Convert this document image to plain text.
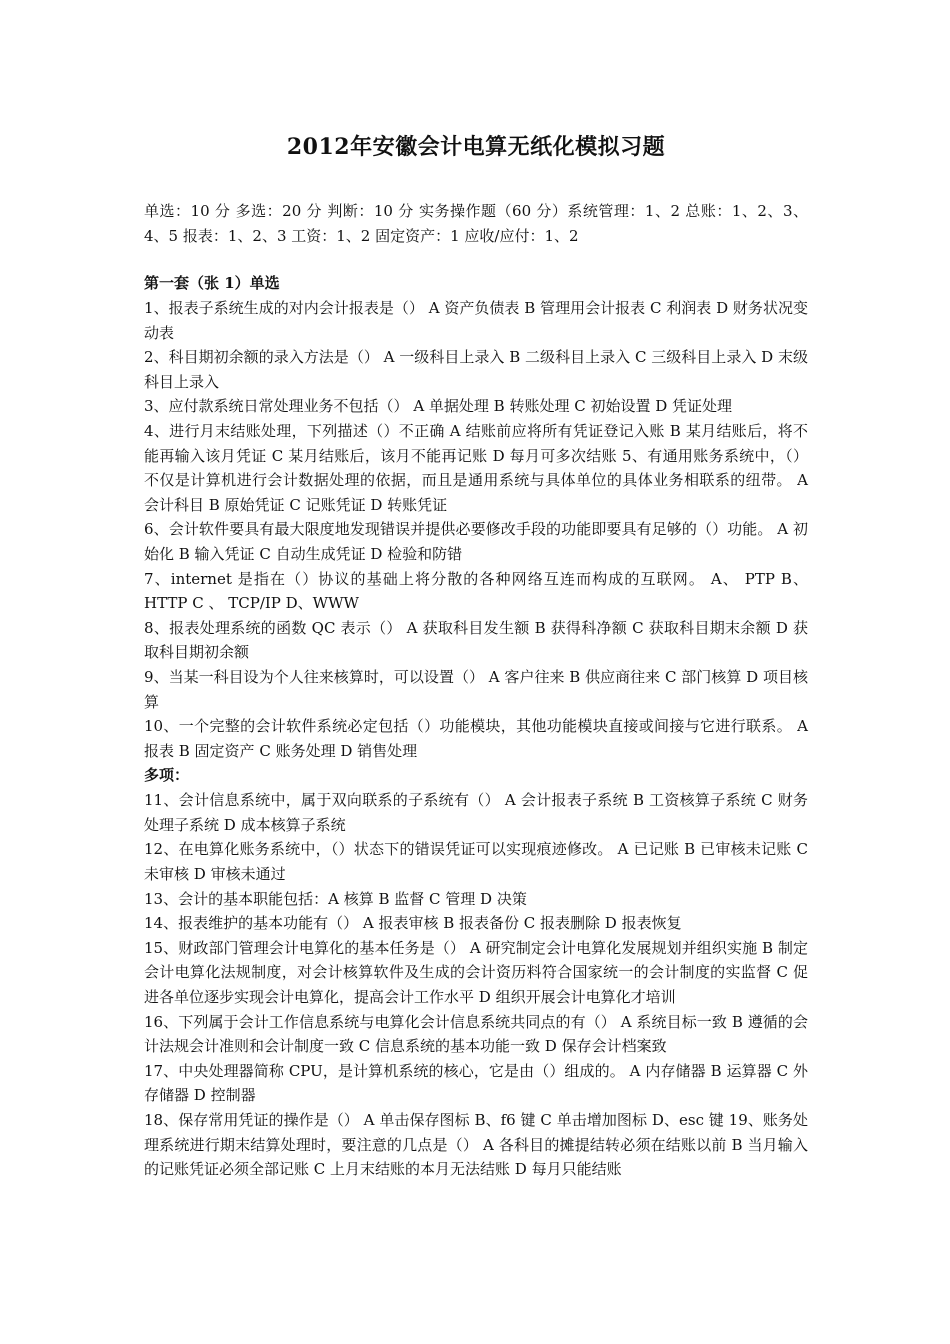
2012年安徽会计电算无纸化模拟习题

单选：10 分 多选：20 分 判断：10 分 实务操作题（60 分）系统管理：1、2 总账：1、2、3、4、5 报表：1、2、3 工资：1、2 固定资产：1 应收/应付：1、2

第一套（张 1）单选

1、报表子系统生成的对内会计报表是（） A 资产负债表 B 管理用会计报表 C 利润表 D 财务状况变动表

2、科目期初余额的录入方法是（） A 一级科目上录入 B 二级科目上录入 C 三级科目上录入 D 末级科目上录入

3、应付款系统日常处理业务不包括（） A 单据处理 B 转账处理 C 初始设置 D 凭证处理

4、进行月末结账处理，下列描述（）不正确 A 结账前应将所有凭证登记入账 B 某月结账后，将不能再输入该月凭证 C 某月结账后，该月不能再记账 D 每月可多次结账 5、有通用账务系统中，（）不仅是计算机进行会计数据处理的依据，而且是通用系统与具体单位的具体业务相联系的纽带。 A 会计科目 B 原始凭证 C 记账凭证 D 转账凭证

6、会计软件要具有最大限度地发现错误并提供必要修改手段的功能即要具有足够的（）功能。 A 初始化 B 输入凭证 C 自动生成凭证 D 检验和防错

7、internet 是指在（）协议的基础上将分散的各种网络互连而构成的互联网。 A、 PTP B、 HTTP C 、 TCP/IP D、WWW

8、报表处理系统的函数 QC 表示（） A 获取科目发生额 B 获得科净额 C 获取科目期末余额 D 获取科目期初余额

9、当某一科目设为个人往来核算时，可以设置（） A 客户往来 B 供应商往来 C 部门核算 D 项目核算

10、一个完整的会计软件系统必定包括（）功能模块，其他功能模块直接或间接与它进行联系。 A 报表 B 固定资产 C 账务处理 D 销售处理

多项：

11、会计信息系统中，属于双向联系的子系统有（） A 会计报表子系统 B 工资核算子系统 C 财务处理子系统 D 成本核算子系统

12、在电算化账务系统中，（）状态下的错误凭证可以实现痕迹修改。 A 已记账 B 已审核未记账 C 未审核 D 审核未通过

13、会计的基本职能包括：A 核算 B 监督 C 管理 D 决策

14、报表维护的基本功能有（） A 报表审核 B 报表备份 C 报表删除 D 报表恢复

15、财政部门管理会计电算化的基本任务是（） A 研究制定会计电算化发展规划并组织实施 B 制定会计电算化法规制度，对会计核算软件及生成的会计资历料符合国家统一的会计制度的实监督 C 促进各单位逐步实现会计电算化，提高会计工作水平 D 组织开展会计电算化才培训

16、下列属于会计工作信息系统与电算化会计信息系统共同点的有（） A 系统目标一致 B 遵循的会计法规会计准则和会计制度一致 C 信息系统的基本功能一致 D 保存会计档案致

17、中央处理器简称 CPU，是计算机系统的核心，它是由（）组成的。 A 内存储器 B 运算器 C 外存储器 D 控制器

18、保存常用凭证的操作是（） A 单击保存图标 B、f6 键 C 单击增加图标 D、esc 键 19、账务处理系统进行期末结算处理时，要注意的几点是（） A 各科目的摊提结转必须在结账以前 B 当月输入的记账凭证必须全部记账 C 上月末结账的本月无法结账 D 每月只能结账
